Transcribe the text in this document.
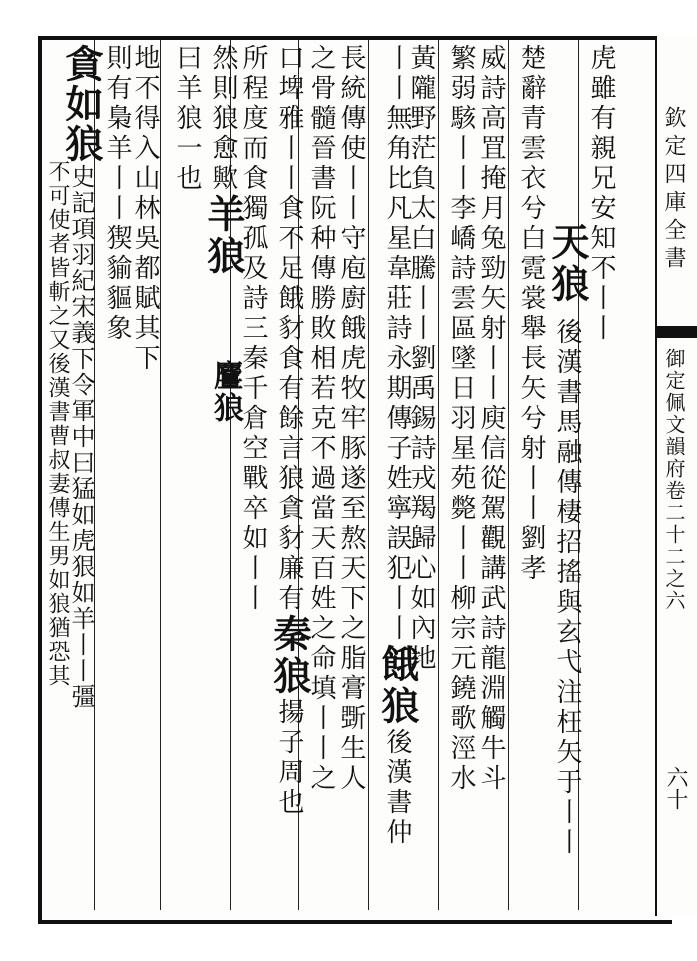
虎雖有親兄安知不丨丨
天狼 後漢書馬融傳棲招搖與玄弋注枉矢于丨丨
楚辭青雲衣兮白霓裳舉長矢兮射丨丨劉孝
威詩高罝掩月兔勁矢射丨丨庾信從駕觀講武詩龍淵觸牛斗
繁弱駭丨丨李嶠詩雲區墜日羽星苑斃丨丨柳宗元鐃歌涇水
黃隴野茫負太白騰丨丨劉禹錫詩戎羯歸心如內地
丨丨無角比凡星韋莊詩永期傳子姓寧誤犯丨丨餓狼後漢書仲
長統傳使丨丨守庖廚餓虎牧牢豚遂至熬天下之脂膏斲生人
之骨髓晉書阮种傳勝敗相若克不過當天百姓之命填丨丨之
口埤雅丨丨食不足餓豺食有餘言狼貪豺廉有秦狼揚子周也
所程度而食獨孤及詩三秦千倉空戰卒如丨丨
然則狼愈歟羊狼
曰羊狼一也
麠狼
地不得入山林吳都賦其下
則有梟羊丨丨猰貐貙象
貪如狼史記項羽紀宋義下令軍中曰猛如虎狠如羊丨丨彊
不可使者皆斬之又後漢書曹叔妻傳生男如狼猶恐其	欽定四庫全書
御定佩文韻府卷二十二之六
六十
